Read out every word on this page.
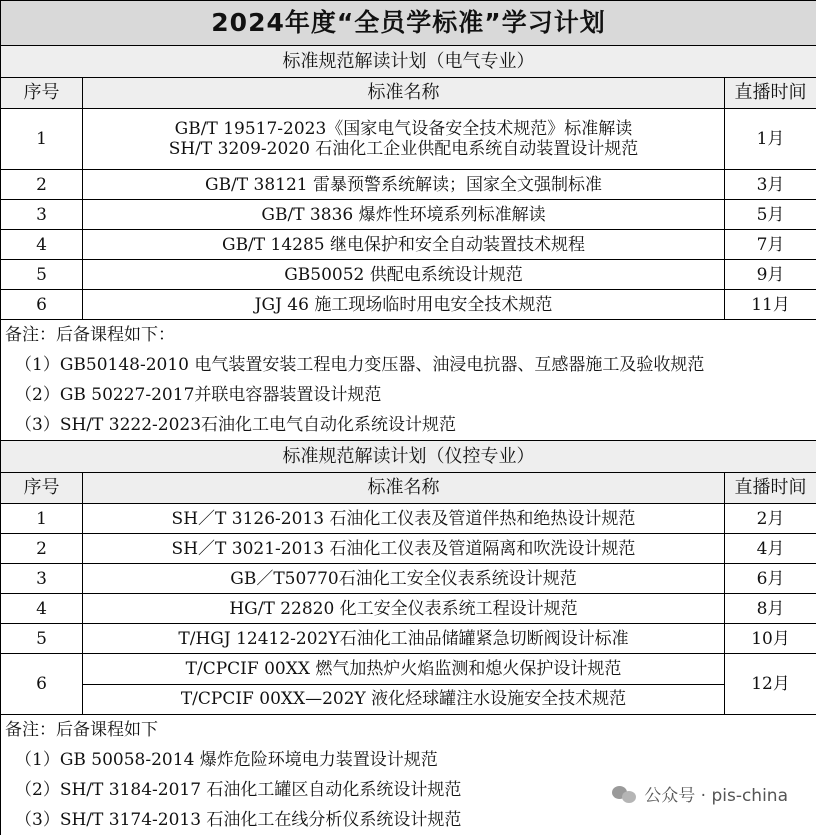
2024年度“全员学标准”学习计划		
标准规范解读计划（电气专业）		
序号	标准名称	直播时间
1	GB/T 19517-2023《国家电气设备安全技术规范》标准解读
SH/T 3209-2020 石油化工企业供配电系统自动装置设计规范	1月
2	GB/T 38121 雷暴预警系统解读；国家全文强制标准	3月
3	GB/T 3836 爆炸性环境系列标准解读	5月
4	GB/T 14285 继电保护和安全自动装置技术规程	7月
5	GB50052 供配电系统设计规范	9月
6	JGJ 46 施工现场临时用电安全技术规范	11月
备注：后备课程如下：		
（1）GB50148-2010 电气装置安装工程电力变压器、油浸电抗器、互感器施工及验收规范		
（2）GB 50227-2017并联电容器装置设计规范		
（3）SH/T 3222-2023石油化工电气自动化系统设计规范		
标准规范解读计划（仪控专业）		
序号	标准名称	直播时间
1	SH／T 3126-2013 石油化工仪表及管道伴热和绝热设计规范	2月
2	SH／T 3021-2013 石油化工仪表及管道隔离和吹洗设计规范	4月
3	GB／T50770石油化工安全仪表系统设计规范	6月
4	HG/T 22820 化工安全仪表系统工程设计规范	8月
5	T/HGJ 12412-202Y石油化工油品储罐紧急切断阀设计标准	10月
6	T/CPCIF 00XX 燃气加热炉火焰监测和熄火保护设计规范
T/CPCIF 00XX—202Y 液化烃球罐注水设施安全技术规范	12月
备注：后备课程如下		
（1）GB 50058-2014 爆炸危险环境电力装置设计规范		
（2）SH/T 3184-2017 石油化工罐区自动化系统设计规范		
（3）SH/T 3174-2013 石油化工在线分析仪系统设计规范		
公众号 · pis-china
